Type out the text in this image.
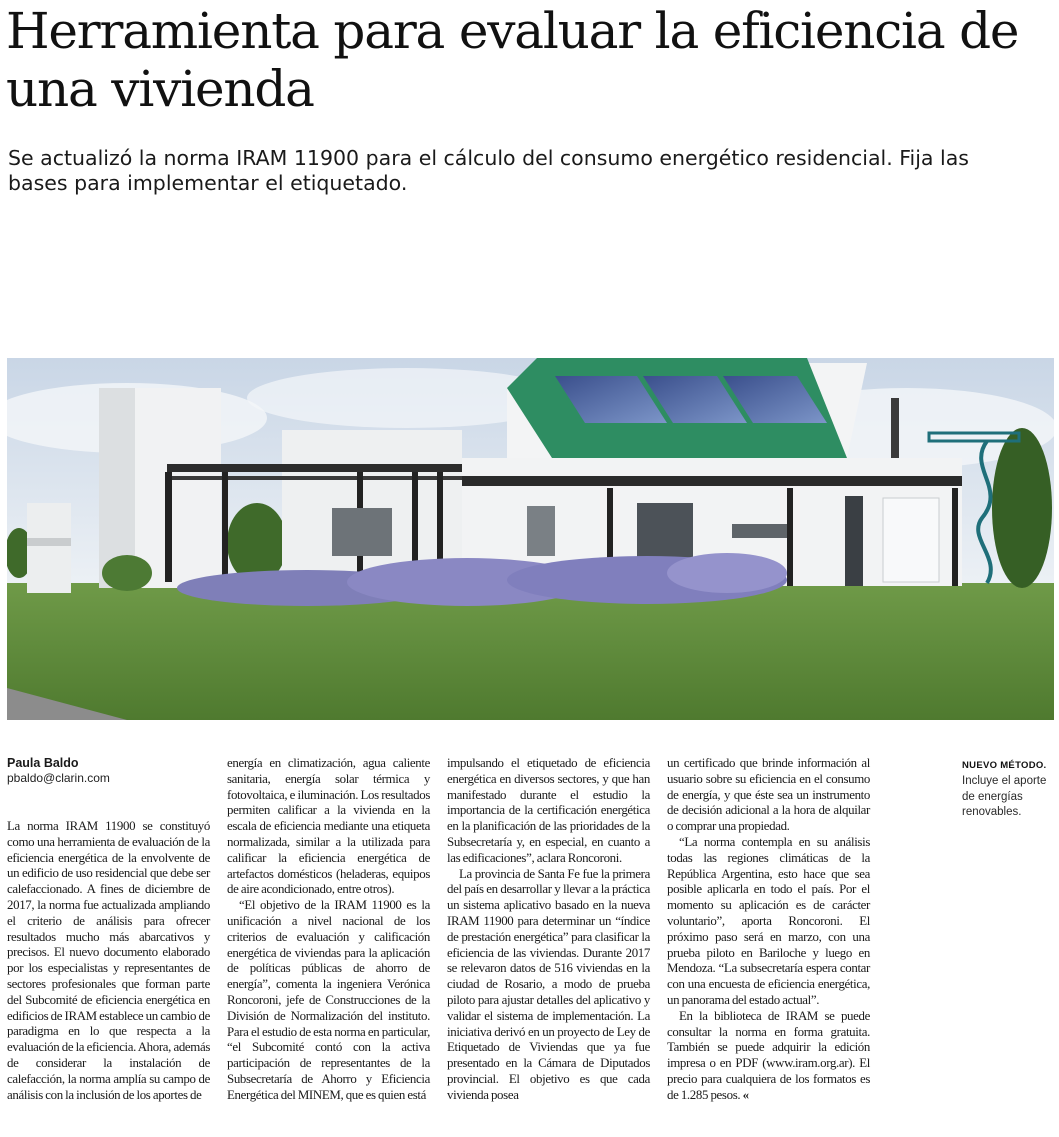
Herramienta para evaluar la eficiencia de una vivienda

Se actualizó la norma IRAM 11900 para el cálculo del consumo energético residencial. Fija las bases para implementar el etiquetado.

Paula Baldo
pbaldo@clarin.com

La norma IRAM 11900 se constituyó como una herramienta de evaluación de la eficiencia energética de la envolvente de un edificio de uso residencial que debe ser calefaccionado. A fines de diciembre de 2017, la norma fue actualizada ampliando el criterio de análisis para ofrecer resultados mucho más abarcativos y precisos. El nuevo documento elaborado por los especialistas y representantes de sectores profesionales que forman parte del Subcomité de eficiencia energética en edificios de IRAM establece un cambio de paradigma en lo que respecta a la evaluación de la eficiencia. Ahora, además de considerar la instalación de calefacción, la norma amplía su campo de análisis con la inclusión de los aportes de

energía en climatización, agua caliente sanitaria, energía solar térmica y fotovoltaica, e iluminación. Los resultados permiten calificar a la vivienda en la escala de eficiencia mediante una etiqueta normalizada, similar a la utilizada para calificar la eficiencia energética de artefactos domésticos (heladeras, equipos de aire acondicionado, entre otros).

“El objetivo de la IRAM 11900 es la unificación a nivel nacional de los criterios de evaluación y calificación energética de viviendas para la aplicación de políticas públicas de ahorro de energía”, comenta la ingeniera Verónica Roncoroni, jefe de Construcciones de la División de Normalización del instituto. Para el estudio de esta norma en particular, “el Subcomité contó con la activa participación de representantes de la Subsecretaría de Ahorro y Eficiencia Energética del MINEM, que es quien está

impulsando el etiquetado de eficiencia energética en diversos sectores, y que han manifestado durante el estudio la importancia de la certificación energética en la planificación de las prioridades de la Subsecretaría y, en especial, en cuanto a las edificaciones”, aclara Roncoroni.

La provincia de Santa Fe fue la primera del país en desarrollar y llevar a la práctica un sistema aplicativo basado en la nueva IRAM 11900 para determinar un “índice de prestación energética” para clasificar la eficiencia de las viviendas. Durante 2017 se relevaron datos de 516 viviendas en la ciudad de Rosario, a modo de prueba piloto para ajustar detalles del aplicativo y validar el sistema de implementación. La iniciativa derivó en un proyecto de Ley de Etiquetado de Viviendas que ya fue presentado en la Cámara de Diputados provincial. El objetivo es que cada vivienda posea

un certificado que brinde información al usuario sobre su eficiencia en el consumo de energía, y que éste sea un instrumento de decisión adicional a la hora de alquilar o comprar una propiedad.

“La norma contempla en su análisis todas las regiones climáticas de la República Argentina, esto hace que sea posible aplicarla en todo el país. Por el momento su aplicación es de carácter voluntario”, aporta Roncoroni. El próximo paso será en marzo, con una prueba piloto en Bariloche y luego en Mendoza. “La subsecretaría espera contar con una encuesta de eficiencia energética, un panorama del estado actual”.

En la biblioteca de IRAM se puede consultar la norma en forma gratuita. También se puede adquirir la edición impresa o en PDF (www.iram.org.ar). El precio para cualquiera de los formatos es de 1.285 pesos. «

NUEVO MÉTODO.
Incluye el aporte de energías renovables.
